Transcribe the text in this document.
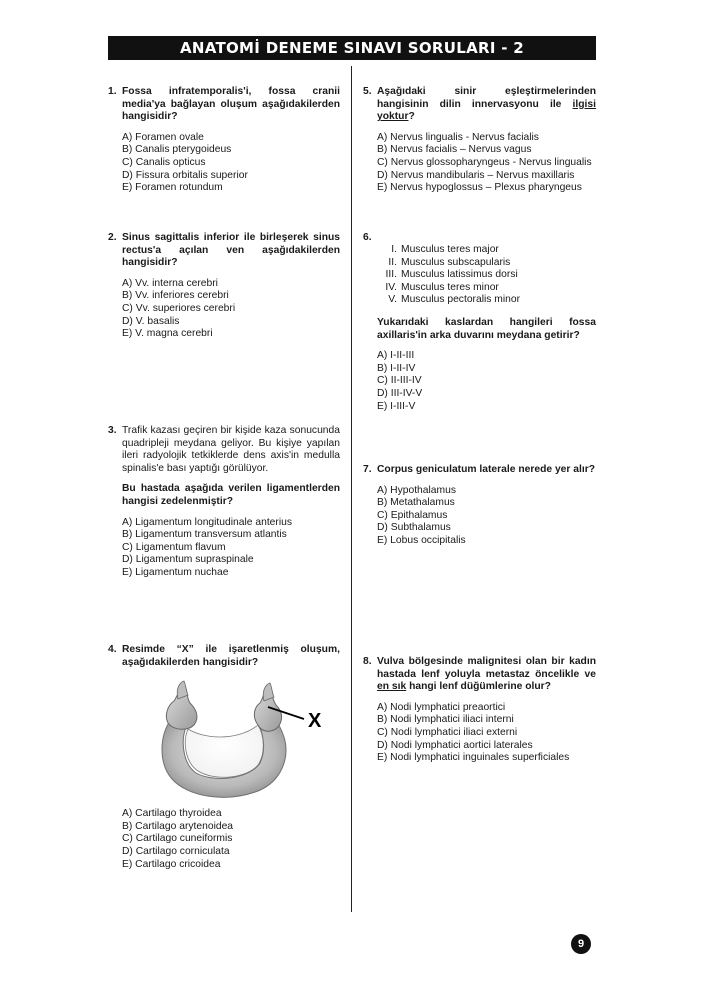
ANATOMİ DENEME SINAVI SORULARI - 2
1. Fossa infratemporalis'i, fossa cranii media'ya bağlayan oluşum aşağıdakilerden hangisidir?
A) Foramen ovale
B) Canalis pterygoideus
C) Canalis opticus
D) Fissura orbitalis superior
E) Foramen rotundum
2. Sinus sagittalis inferior ile birleşerek sinus rectus'a açılan ven aşağıdakilerden hangisidir?
A) Vv. interna cerebri
B) Vv. inferiores cerebri
C) Vv. superiores cerebri
D) V. basalis
E) V. magna cerebri
3. Trafik kazası geçiren bir kişide kaza sonucunda quadripleji meydana geliyor. Bu kişiye yapılan ileri radyolojik tetkiklerde dens axis'in medulla spinalis'e bası yaptığı görülüyor.
Bu hastada aşağıda verilen ligamentlerden hangisi zedelenmiştir?
A) Ligamentum longitudinale anterius
B) Ligamentum transversum atlantis
C) Ligamentum flavum
D) Ligamentum supraspinale
E) Ligamentum nuchae
4. Resimde “X” ile işaretlenmiş oluşum, aşağıdakilerden hangisidir?
X
A) Cartilago thyroidea
B) Cartilago arytenoidea
C) Cartilago cuneiformis
D) Cartilago corniculata
E) Cartilago cricoidea
5. Aşağıdaki sinir eşleştirmelerinden hangisinin dilin innervasyonu ile ilgisi yoktur?
A) Nervus lingualis - Nervus facialis
B) Nervus facialis – Nervus vagus
C) Nervus glossopharyngeus - Nervus lingualis
D) Nervus mandibularis – Nervus maxillaris
E) Nervus hypoglossus – Plexus pharyngeus
6.
I. Musculus teres major
II. Musculus subscapularis
III. Musculus latissimus dorsi
IV. Musculus teres minor
V. Musculus pectoralis minor
Yukarıdaki kaslardan hangileri fossa axillaris'in arka duvarını meydana getirir?
A) I-II-III
B) I-II-IV
C) II-III-IV
D) III-IV-V
E) I-III-V
7. Corpus geniculatum laterale nerede yer alır?
A) Hypothalamus
B) Metathalamus
C) Epithalamus
D) Subthalamus
E) Lobus occipitalis
8. Vulva bölgesinde malignitesi olan bir kadın hastada lenf yoluyla metastaz öncelikle ve en sık hangi lenf düğümlerine olur?
A) Nodi lymphatici preaortici
B) Nodi lymphatici iliaci interni
C) Nodi lymphatici iliaci externi
D) Nodi lymphatici aortici laterales
E) Nodi lymphatici inguinales superficiales
9
